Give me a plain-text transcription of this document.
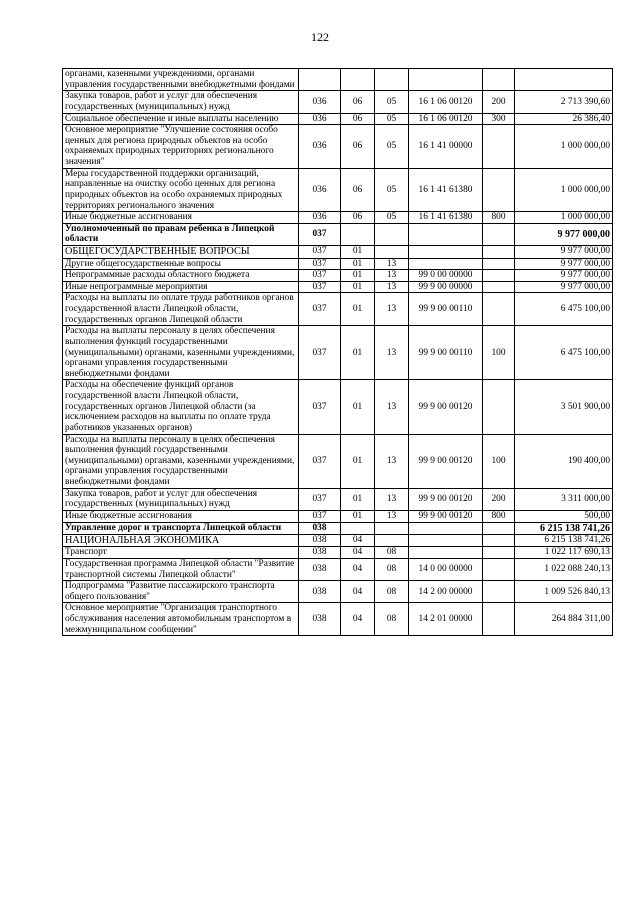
122
органами, казенными учреждениями, органами управления государственными внебюджетными фондами						
Закупка товаров, работ и услуг для обеспечения государственных (муниципальных) нужд	036	06	05	16 1 06 00120	200	2 713 390,60
Социальное обеспечение и иные выплаты населению	036	06	05	16 1 06 00120	300	26 386,40
Основное мероприятие "Улучшение состояния особо ценных для региона природных объектов на особо охраняемых природных территориях регионального значения"	036	06	05	16 1 41 00000		1 000 000,00
Меры государственной поддержки организаций, направленные на очистку особо ценных для региона природных объектов на особо охраняемых природных территориях регионального значения	036	06	05	16 1 41 61380		1 000 000,00
Иные бюджетные ассигнования	036	06	05	16 1 41 61380	800	1 000 000,00
Уполномоченный по правам ребенка в Липецкой области	037					9 977 000,00
ОБЩЕГОСУДАРСТВЕННЫЕ ВОПРОСЫ	037	01				9 977 000,00
Другие общегосударственные вопросы	037	01	13			9 977 000,00
Непрограммные расходы областного бюджета	037	01	13	99 0 00 00000		9 977 000,00
Иные непрограммные мероприятия	037	01	13	99 9 00 00000		9 977 000,00
Расходы на выплаты по оплате труда работников органов государственной власти Липецкой области, государственных органов Липецкой области	037	01	13	99 9 00 00110		6 475 100,00
Расходы на выплаты персоналу в целях обеспечения выполнения функций государственными (муниципальными) органами, казенными учреждениями, органами управления государственными внебюджетными фондами	037	01	13	99 9 00 00110	100	6 475 100,00
Расходы на обеспечение функций органов государственной власти Липецкой области, государственных органов Липецкой области (за исключением расходов на выплаты по оплате труда работников указанных органов)	037	01	13	99 9 00 00120		3 501 900,00
Расходы на выплаты персоналу в целях обеспечения выполнения функций государственными (муниципальными) органами, казенными учреждениями, органами управления государственными внебюджетными фондами	037	01	13	99 9 00 00120	100	190 400,00
Закупка товаров, работ и услуг для обеспечения государственных (муниципальных) нужд	037	01	13	99 9 00 00120	200	3 311 000,00
Иные бюджетные ассигнования	037	01	13	99 9 00 00120	800	500,00
Управление дорог и транспорта Липецкой области	038					6 215 138 741,26
НАЦИОНАЛЬНАЯ ЭКОНОМИКА	038	04				6 215 138 741,26
Транспорт	038	04	08			1 022 117 690,13
Государственная программа Липецкой области "Развитие транспортной системы Липецкой области"	038	04	08	14 0 00 00000		1 022 088 240,13
Подпрограмма "Развитие пассажирского транспорта общего пользования"	038	04	08	14 2 00 00000		1 009 526 840,13
Основное мероприятие "Организация транспортного обслуживания населения автомобильным транспортом в межмуниципальном сообщении"	038	04	08	14 2 01 00000		264 884 311,00
